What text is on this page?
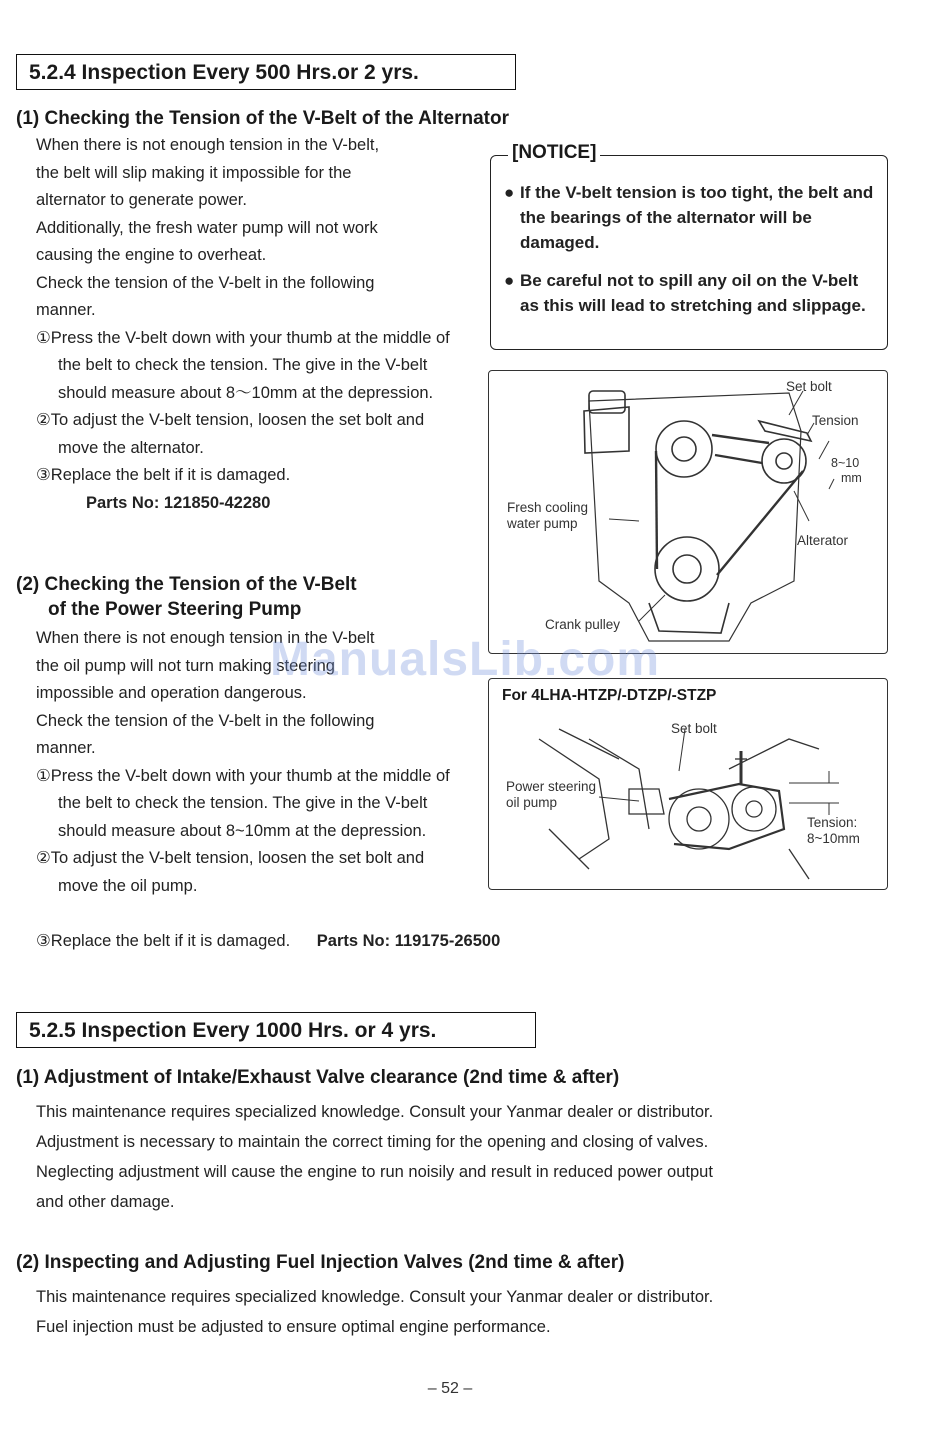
5.2.4 Inspection Every 500 Hrs.or 2 yrs.
(1) Checking the Tension of the V-Belt of the Alternator

When there is not enough tension in the V-belt,

the belt will slip making it impossible for the

alternator to generate power.

Additionally, the fresh water pump will not work

causing the engine to overheat.

Check the tension of the V-belt in the following

manner.

①Press the V-belt down with your thumb at the middle of the belt to check the tension. The give in the V-belt should measure about 8～10mm at the depression.

②To adjust the V-belt tension, loosen the set bolt and move the alternator.

③Replace the belt if it is damaged.

Parts No: 121850-42280

[NOTICE]
● If the V-belt tension is too tight, the belt and the bearings of the alternator will be damaged.
● Be careful not to spill any oil on the V-belt as this will lead to stretching and slippage.
Set bolt
Tension
8~10
mm
Fresh cooling
water pump
Alterator
Crank pulley
(2) Checking the Tension of the V-Belt
of the Power Steering Pump

When there is not enough tension in the V-belt

the oil pump will not turn making steering

impossible and operation dangerous.

Check the tension of the V-belt in the following

manner.

①Press the V-belt down with your thumb at the middle of the belt to check the tension. The give in the V-belt should measure about 8~10mm at the depression.

②To adjust the V-belt tension, loosen the set bolt and move the oil pump.

③Replace the belt if it is damaged. Parts No: 119175-26500
For 4LHA-HTZP/-DTZP/-STZP
Set bolt
Power steering
oil pump
Tension:
8~10mm
ManualsLib.com
5.2.5 Inspection Every 1000 Hrs. or 4 yrs.
(1) Adjustment of Intake/Exhaust Valve clearance (2nd time & after)

This maintenance requires specialized knowledge. Consult your Yanmar dealer or distributor.

Adjustment is necessary to maintain the correct timing for the opening and closing of valves.

Neglecting adjustment will cause the engine to run noisily and result in reduced power output

and other damage.

(2) Inspecting and Adjusting Fuel Injection Valves (2nd time & after)

This maintenance requires specialized knowledge. Consult your Yanmar dealer or distributor.

Fuel injection must be adjusted to ensure optimal engine performance.

– 52 –
